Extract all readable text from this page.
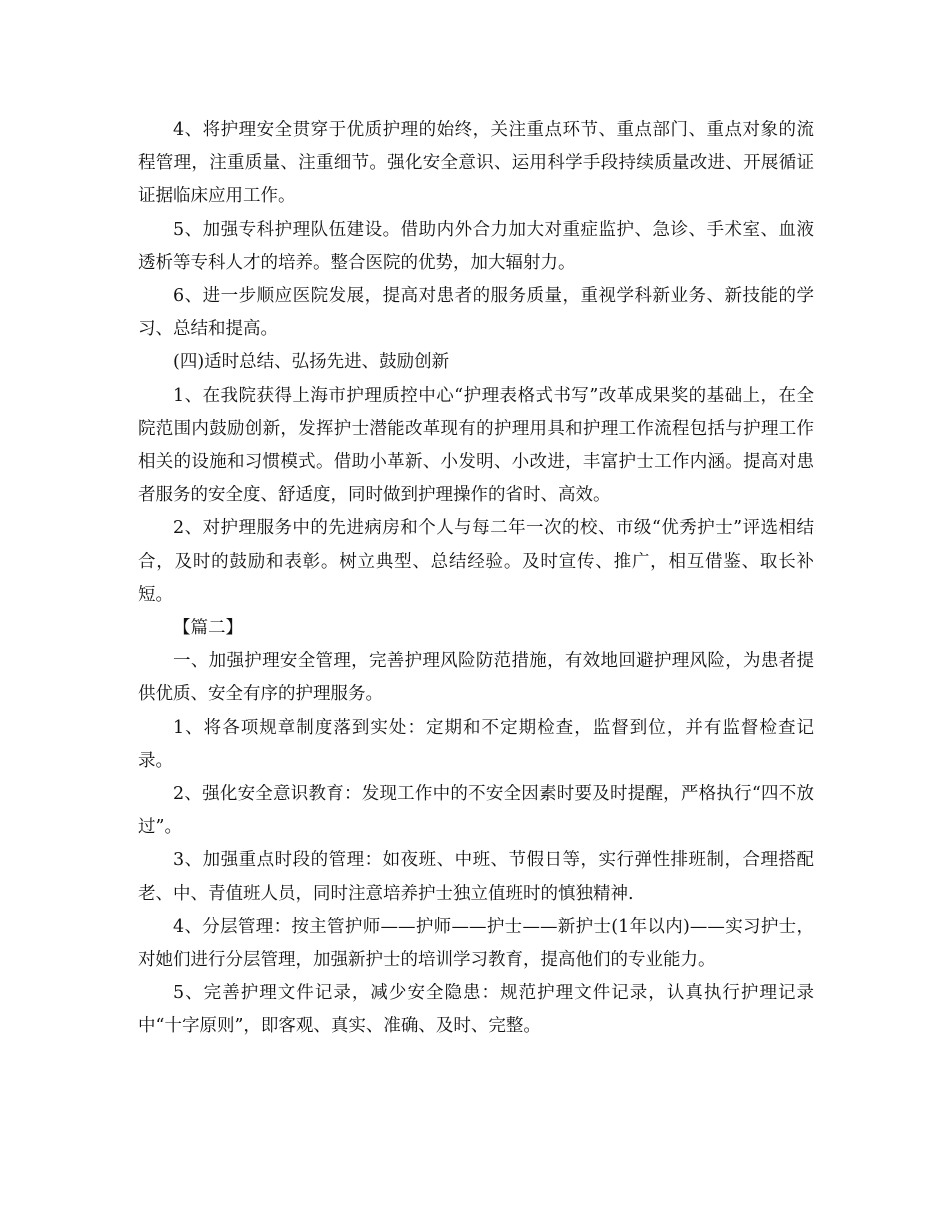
4、将护理安全贯穿于优质护理的始终，关注重点环节、重点部门、重点对象的流程管理，注重质量、注重细节。强化安全意识、运用科学手段持续质量改进、开展循证证据临床应用工作。

5、加强专科护理队伍建设。借助内外合力加大对重症监护、急诊、手术室、血液透析等专科人才的培养。整合医院的优势，加大辐射力。

6、进一步顺应医院发展，提高对患者的服务质量，重视学科新业务、新技能的学习、总结和提高。

(四)适时总结、弘扬先进、鼓励创新

1、在我院获得上海市护理质控中心“护理表格式书写”改革成果奖的基础上，在全院范围内鼓励创新，发挥护士潜能改革现有的护理用具和护理工作流程包括与护理工作相关的设施和习惯模式。借助小革新、小发明、小改进，丰富护士工作内涵。提高对患者服务的安全度、舒适度，同时做到护理操作的省时、高效。

2、对护理服务中的先进病房和个人与每二年一次的校、市级“优秀护士”评选相结合，及时的鼓励和表彰。树立典型、总结经验。及时宣传、推广，相互借鉴、取长补短。

【篇二】

一、加强护理安全管理，完善护理风险防范措施，有效地回避护理风险，为患者提供优质、安全有序的护理服务。

1、将各项规章制度落到实处：定期和不定期检查，监督到位，并有监督检查记录。

2、强化安全意识教育：发现工作中的不安全因素时要及时提醒，严格执行“四不放过”。

3、加强重点时段的管理：如夜班、中班、节假日等，实行弹性排班制，合理搭配老、中、青值班人员，同时注意培养护士独立值班时的慎独精神.

4、分层管理：按主管护师——护师——护士——新护士(1年以内)——实习护士，对她们进行分层管理，加强新护士的培训学习教育，提高他们的专业能力。

5、完善护理文件记录，减少安全隐患：规范护理文件记录，认真执行护理记录中“十字原则”，即客观、真实、准确、及时、完整。
